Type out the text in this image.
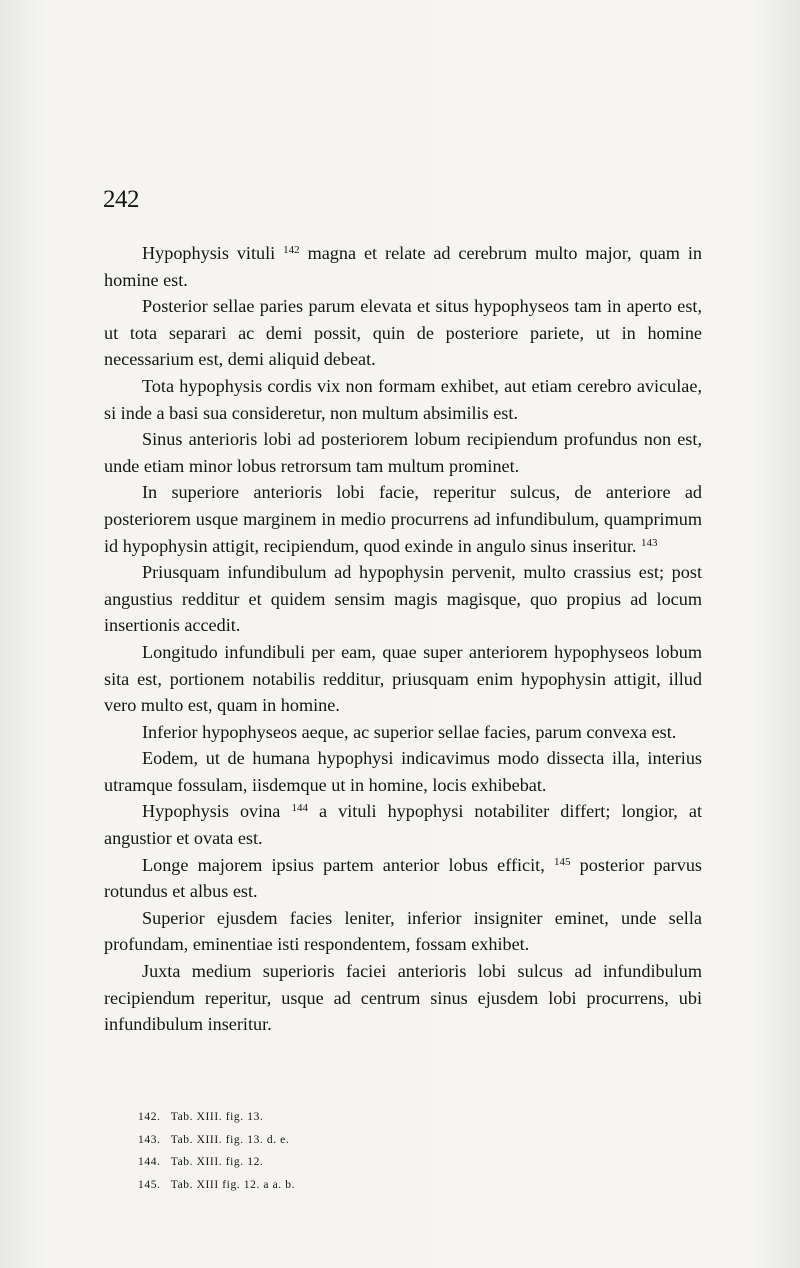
242

Hypophysis vituli $^{142}$ magna et relate ad cerebrum multo major, quam in homine est.

Posterior sellae paries parum elevata et situs hypophyseos tam in aperto est, ut tota separari ac demi possit, quin de posteriore pariete, ut in homine necessarium est, demi aliquid debeat.

Tota hypophysis cordis vix non formam exhibet, aut etiam cerebro aviculae, si inde a basi sua consideretur, non multum absimilis est.

Sinus anterioris lobi ad posteriorem lobum recipiendum profundus non est, unde etiam minor lobus retrorsum tam multum prominet.

In superiore anterioris lobi facie, reperitur sulcus, de anteriore ad posteriorem usque marginem in medio procurrens ad infundibulum, quamprimum id hypophysin attigit, recipiendum, quod exinde in angulo sinus inseritur. $^{143}$

Priusquam infundibulum ad hypophysin pervenit, multo crassius est; post angustius redditur et quidem sensim magis magisque, quo propius ad locum insertionis accedit.

Longitudo infundibuli per eam, quae super anteriorem hypophyseos lobum sita est, portionem notabilis redditur, priusquam enim hypophysin attigit, illud vero multo est, quam in homine.

Inferior hypophyseos aeque, ac superior sellae facies, parum convexa est.

Eodem, ut de humana hypophysi indicavimus modo dissecta illa, interius utramque fossulam, iisdemque ut in homine, locis exhibebat.

Hypophysis ovina $^{144}$ a vituli hypophysi notabiliter differt; longior, at angustior et ovata est.

Longe majorem ipsius partem anterior lobus efficit, $^{145}$ posterior parvus rotundus et albus est.

Superior ejusdem facies leniter, inferior insigniter eminet, unde sella profundam, eminentiae isti respondentem, fossam exhibet.

Juxta medium superioris faciei anterioris lobi sulcus ad infundibulum recipiendum reperitur, usque ad centrum sinus ejusdem lobi procurrens, ubi infundibulum inseritur.

142.   Tab. XIII. fig. 13.
143.   Tab. XIII. fig. 13. d. e.
144.   Tab. XIII. fig. 12.
145.   Tab. XIII fig. 12. a a. b.
